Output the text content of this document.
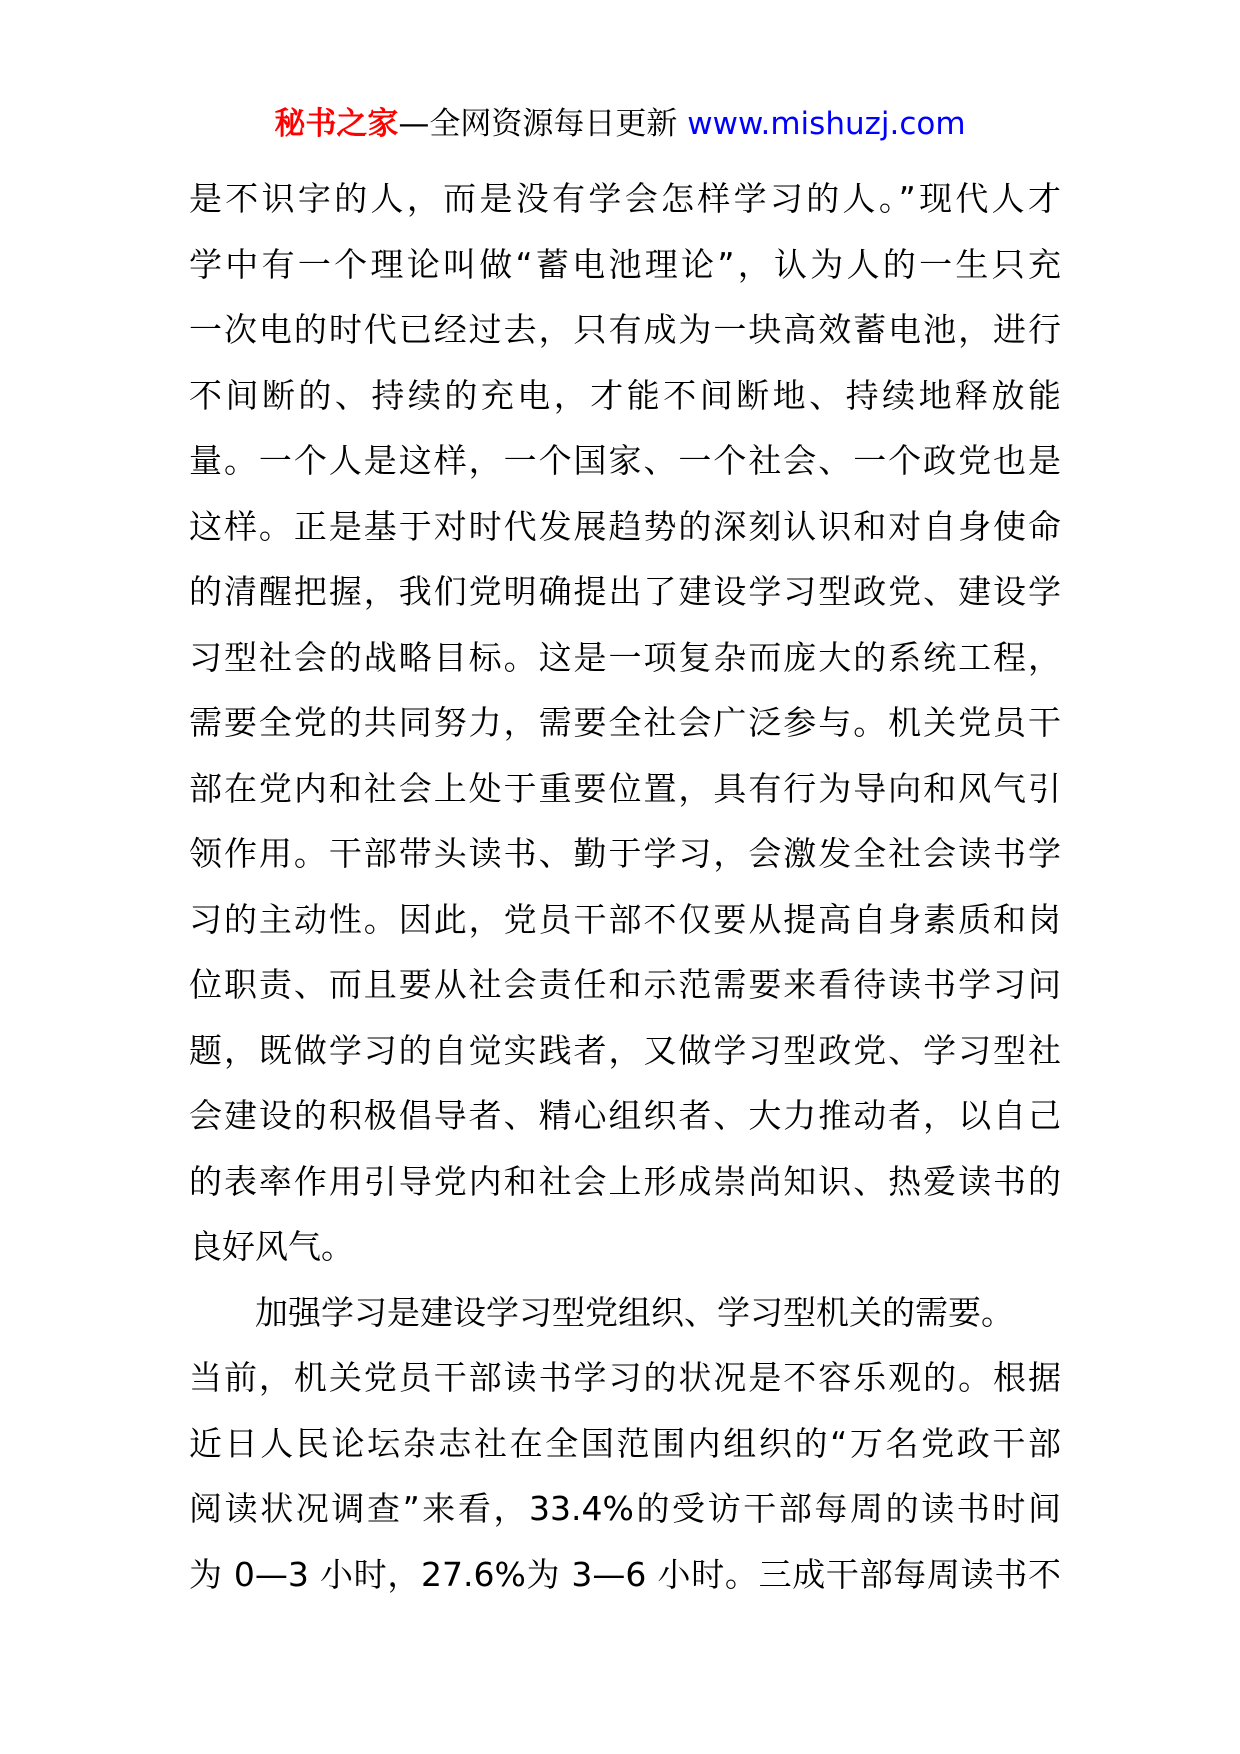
秘书之家—全网资源每日更新 www.mishuzj.com
是不识字的人，而是没有学会怎样学习的人。”现代人才
学中有一个理论叫做“蓄电池理论”，认为人的一生只充
一次电的时代已经过去，只有成为一块高效蓄电池，进行
不间断的、持续的充电，才能不间断地、持续地释放能
量。一个人是这样，一个国家、一个社会、一个政党也是
这样。正是基于对时代发展趋势的深刻认识和对自身使命
的清醒把握，我们党明确提出了建设学习型政党、建设学
习型社会的战略目标。这是一项复杂而庞大的系统工程，
需要全党的共同努力，需要全社会广泛参与。机关党员干
部在党内和社会上处于重要位置，具有行为导向和风气引
领作用。干部带头读书、勤于学习，会激发全社会读书学
习的主动性。因此，党员干部不仅要从提高自身素质和岗
位职责、而且要从社会责任和示范需要来看待读书学习问
题，既做学习的自觉实践者，又做学习型政党、学习型社
会建设的积极倡导者、精心组织者、大力推动者，以自己
的表率作用引导党内和社会上形成崇尚知识、热爱读书的
良好风气。
加强学习是建设学习型党组织、学习型机关的需要。
当前，机关党员干部读书学习的状况是不容乐观的。根据
近日人民论坛杂志社在全国范围内组织的“万名党政干部
阅读状况调查”来看，33.4%的受访干部每周的读书时间
为 0—3 小时，27.6%为 3—6 小时。三成干部每周读书不
